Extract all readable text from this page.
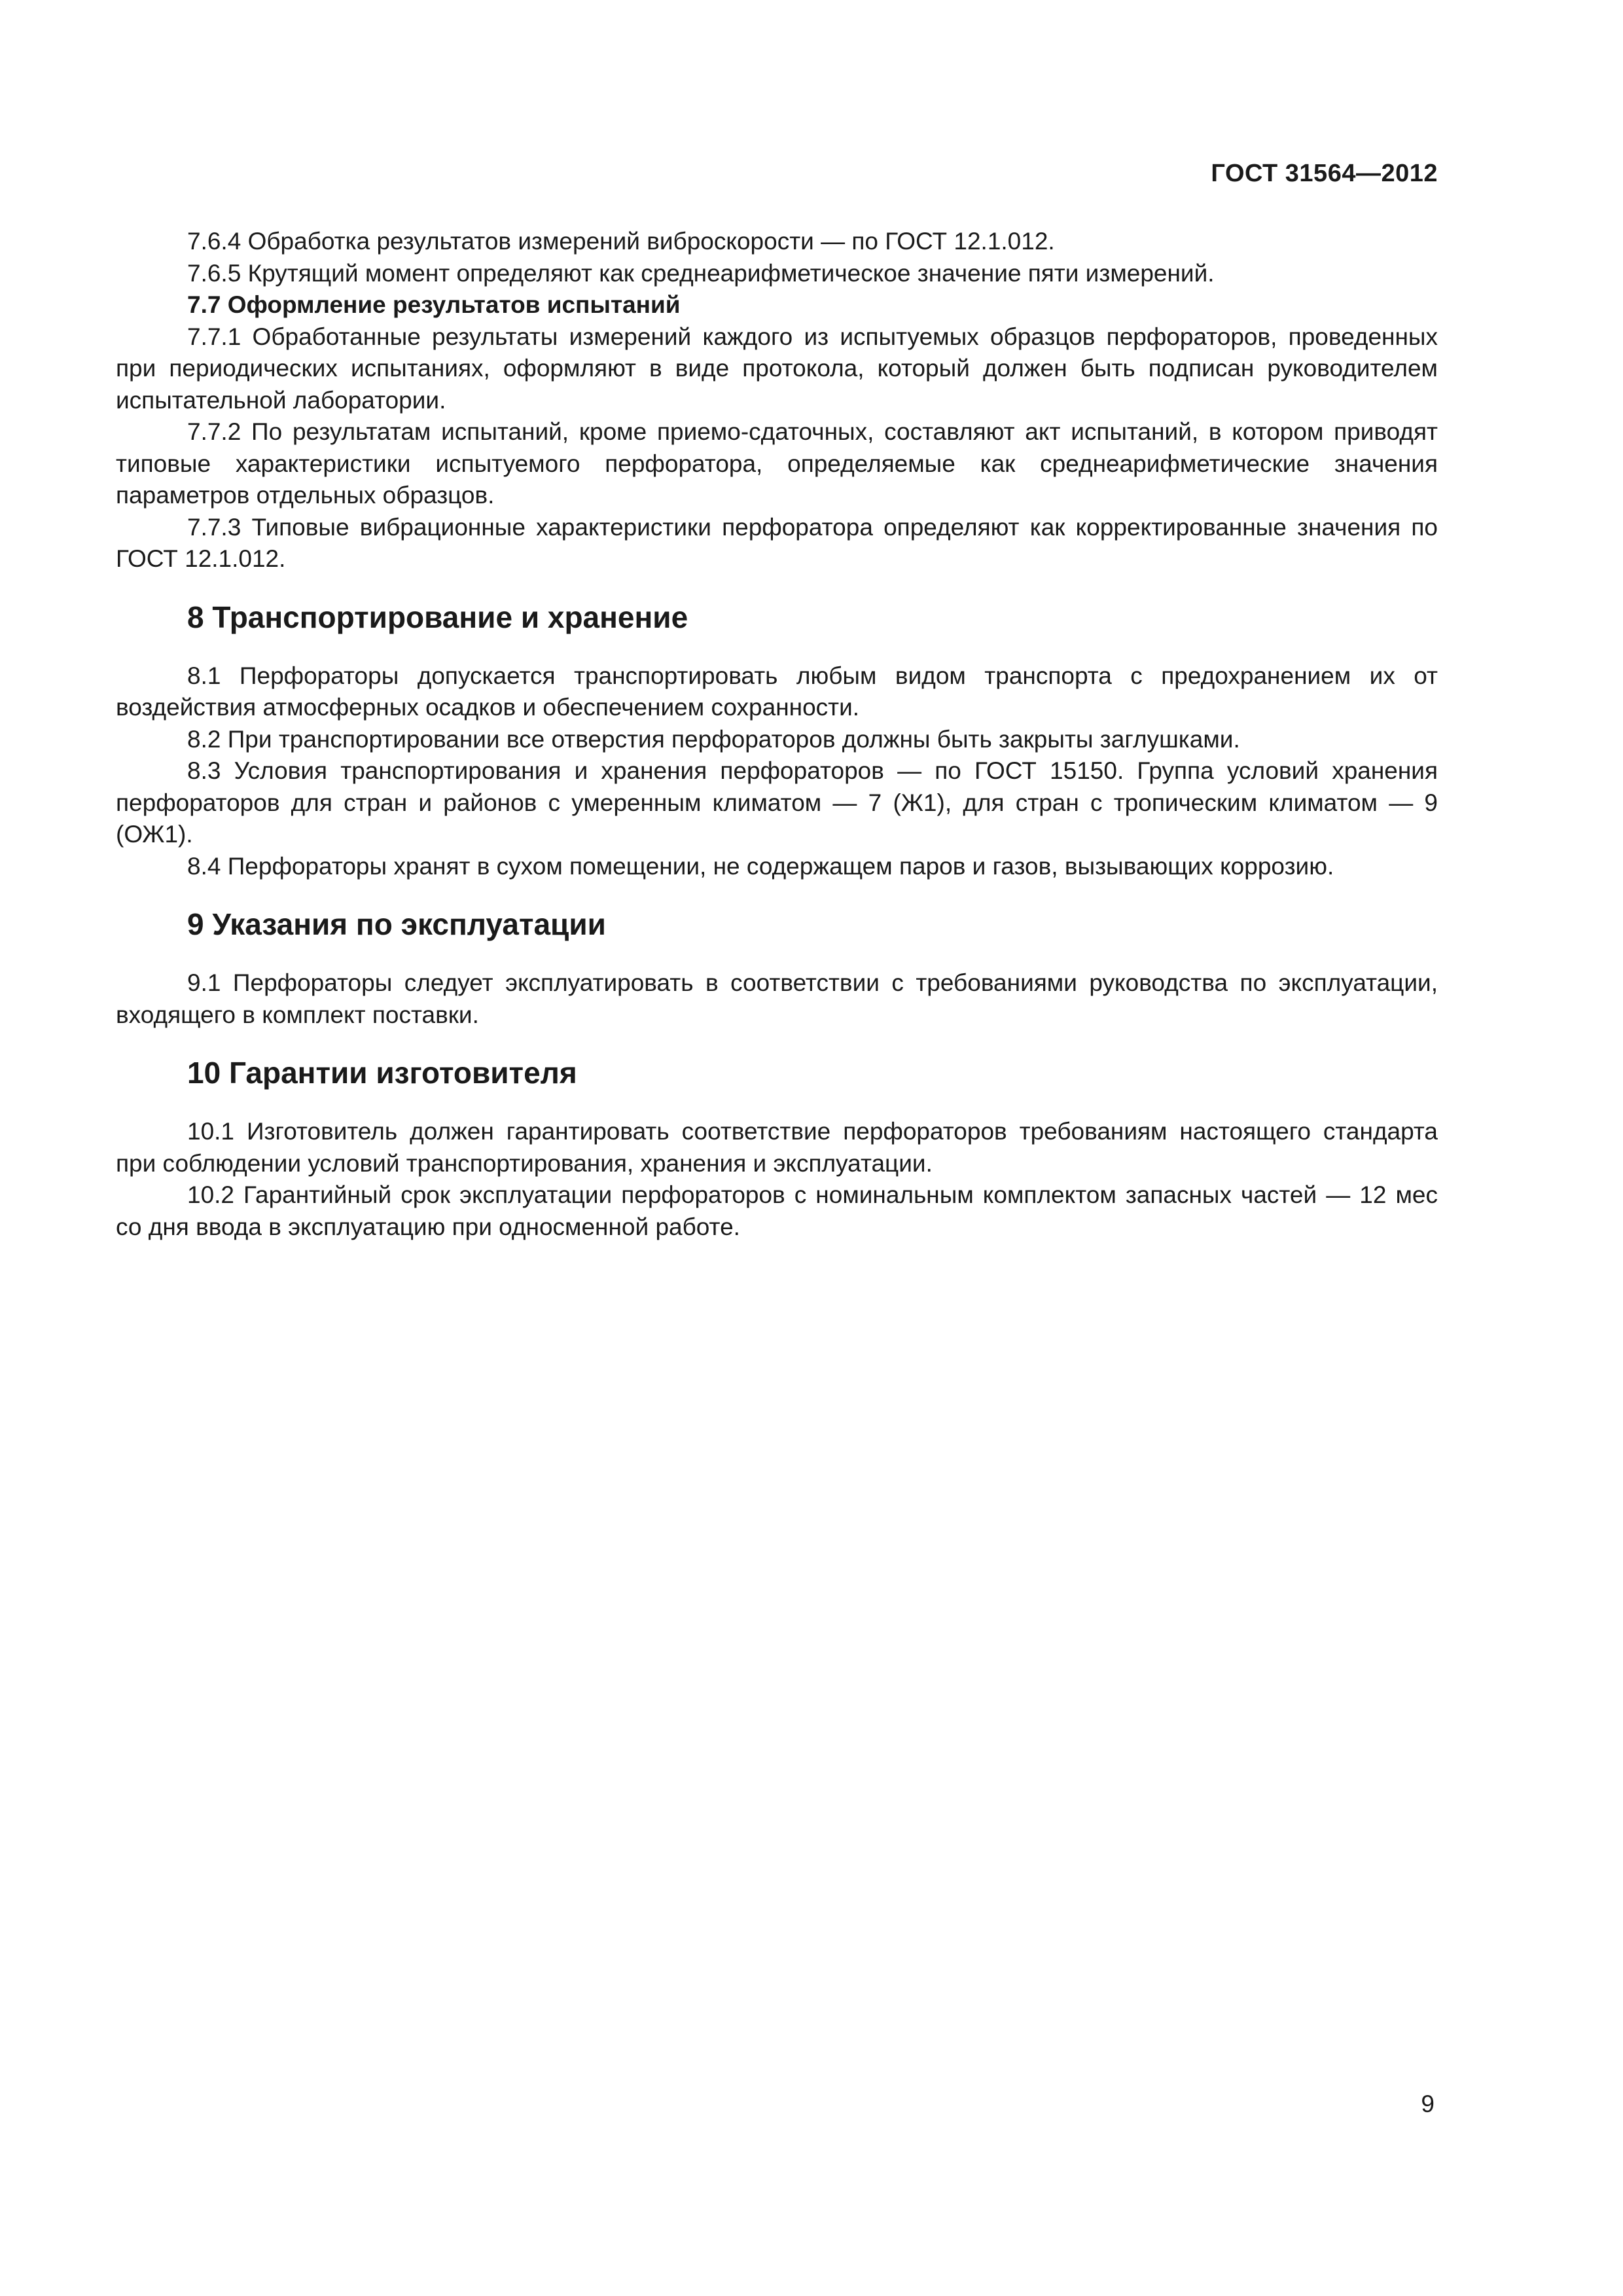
ГОСТ 31564—2012

7.6.4 Обработка результатов измерений виброскорости — по ГОСТ 12.1.012.

7.6.5 Крутящий момент определяют как среднеарифметическое значение пяти измерений.

7.7 Оформление результатов испытаний

7.7.1 Обработанные результаты измерений каждого из испытуемых образцов перфораторов, проведенных при периодических испытаниях, оформляют в виде протокола, который должен быть подписан руководителем испытательной лаборатории.

7.7.2 По результатам испытаний, кроме приемо-сдаточных, составляют акт испытаний, в котором приводят типовые характеристики испытуемого перфоратора, определяемые как среднеарифметические значения параметров отдельных образцов.

7.7.3 Типовые вибрационные характеристики перфоратора определяют как корректированные значения по ГОСТ 12.1.012.

8 Транспортирование и хранение

8.1 Перфораторы допускается транспортировать любым видом транспорта с предохранением их от воздействия атмосферных осадков и обеспечением сохранности.

8.2 При транспортировании все отверстия перфораторов должны быть закрыты заглушками.

8.3 Условия транспортирования и хранения перфораторов — по ГОСТ 15150. Группа условий хранения перфораторов для стран и районов с умеренным климатом — 7 (Ж1), для стран с тропическим климатом — 9 (ОЖ1).

8.4 Перфораторы хранят в сухом помещении, не содержащем паров и газов, вызывающих коррозию.

9 Указания по эксплуатации

9.1 Перфораторы следует эксплуатировать в соответствии с требованиями руководства по эксплуатации, входящего в комплект поставки.

10 Гарантии изготовителя

10.1 Изготовитель должен гарантировать соответствие перфораторов требованиям настоящего стандарта при соблюдении условий транспортирования, хранения и эксплуатации.

10.2 Гарантийный срок эксплуатации перфораторов с номинальным комплектом запасных частей — 12 мес со дня ввода в эксплуатацию при односменной работе.

9
